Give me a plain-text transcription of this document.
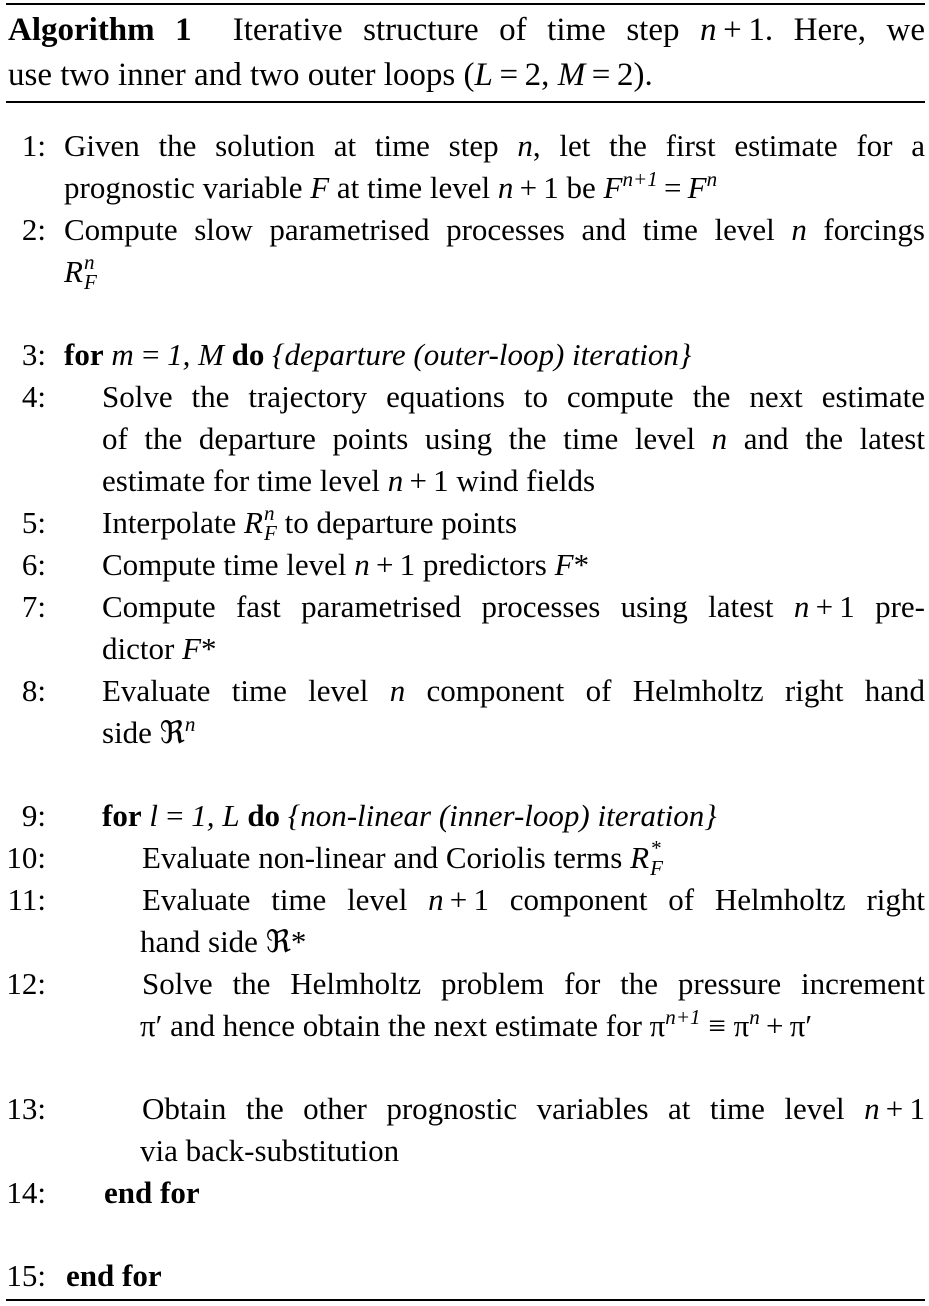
Algorithm 1 Iterative structure of time step n + 1. Here, we
use two inner and two outer loops (L = 2, M = 2).
1: Given the solution at time step n, let the first estimate for a
prognostic variable F at time level n + 1 be $F^{n+1} = F^n$
2: Compute slow parametrised processes and time level n forcings
R n
F
3: for m = 1, M do {departure (outer-loop) iteration}
4: Solve the trajectory equations to compute the next estimate
of the departure points using the time level n and the latest
estimate for time level n + 1 wind fields
5: Interpolate R n
F to departure points
6: Compute time level n + 1 predictors F*
7: Compute fast parametrised processes using latest n + 1 pre-
dictor F*
8: Evaluate time level n component of Helmholtz right hand
side ℜ$^n$
9: for l = 1, L do {non-linear (inner-loop) iteration}
10:	Evaluate non-linear and Coriolis terms R *
F
11:	Evaluate time level n + 1 component of Helmholtz right
hand side ℜ*
12:	Solve the Helmholtz problem for the pressure increment
π′ and hence obtain the next estimate for $\pi^{n+1} \equiv \pi^n + \pi'$
13:	Obtain the other prognostic variables at time level n + 1
via back-substitution
14: end for
15: end for
